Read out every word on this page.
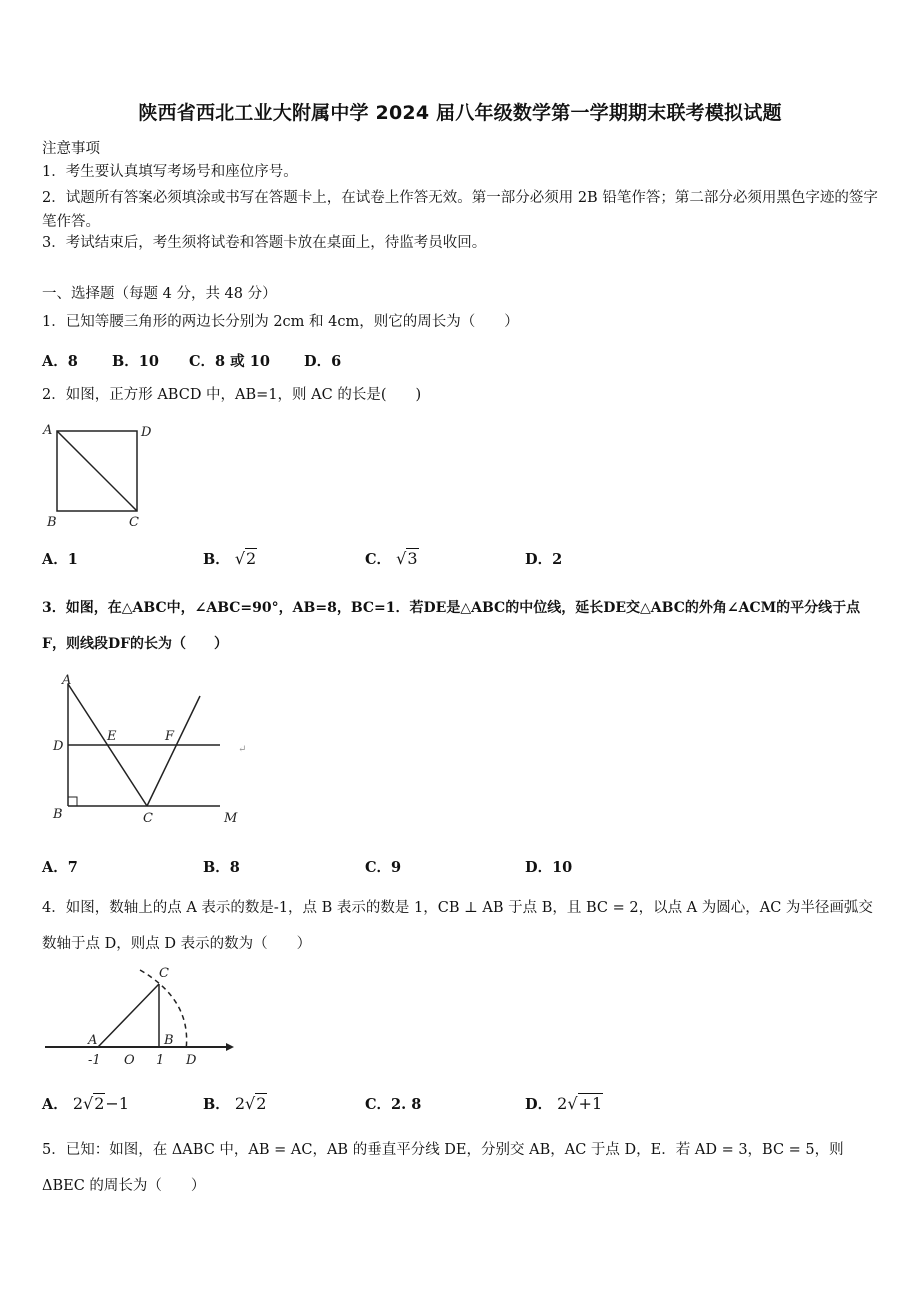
陕西省西北工业大附属中学 2024 届八年级数学第一学期期末联考模拟试题
注意事项
1．考生要认真填写考场号和座位序号。
2．试题所有答案必须填涂或书写在答题卡上，在试卷上作答无效。第一部分必须用 2B 铅笔作答；第二部分必须用黑色字迹的签字笔作答。
3．考试结束后，考生须将试卷和答题卡放在桌面上，待监考员收回。
一、选择题（每题 4 分，共 48 分）
1．已知等腰三角形的两边长分别为 2cm 和 4cm，则它的周长为（　　）
A．8 B．10 C．8 或 10 D．6
2．如图，正方形 ABCD 中，AB=1，则 AC 的长是(　　)
A	D
B	C
A．1	B． √2	C． √3	D．2
3．如图，在△ABC中，∠ABC=90°，AB=8，BC=1．若DE是△ABC的中位线，延长DE交△ABC的外角∠ACM的平分线于点F，则线段DF的长为（　　）
A
D
E	F
B	C	M
↵
A．7	B．8	C．9	D．10
4．如图，数轴上的点 A 表示的数是-1，点 B 表示的数是 1，CB ⊥ AB 于点 B，且 BC = 2，以点 A 为圆心，AC 为半径画弧交数轴于点 D，则点 D 表示的数为（　　）
C
A	B
-1 O 1 D
A． 2√2−1	B． 2√2	C．2. 8	D． 2√+1
5．已知：如图，在 ΔABC 中，AB = AC，AB 的垂直平分线 DE，分别交 AB，AC 于点 D，E．若 AD = 3，BC = 5，则 ΔBEC 的周长为（　　）
